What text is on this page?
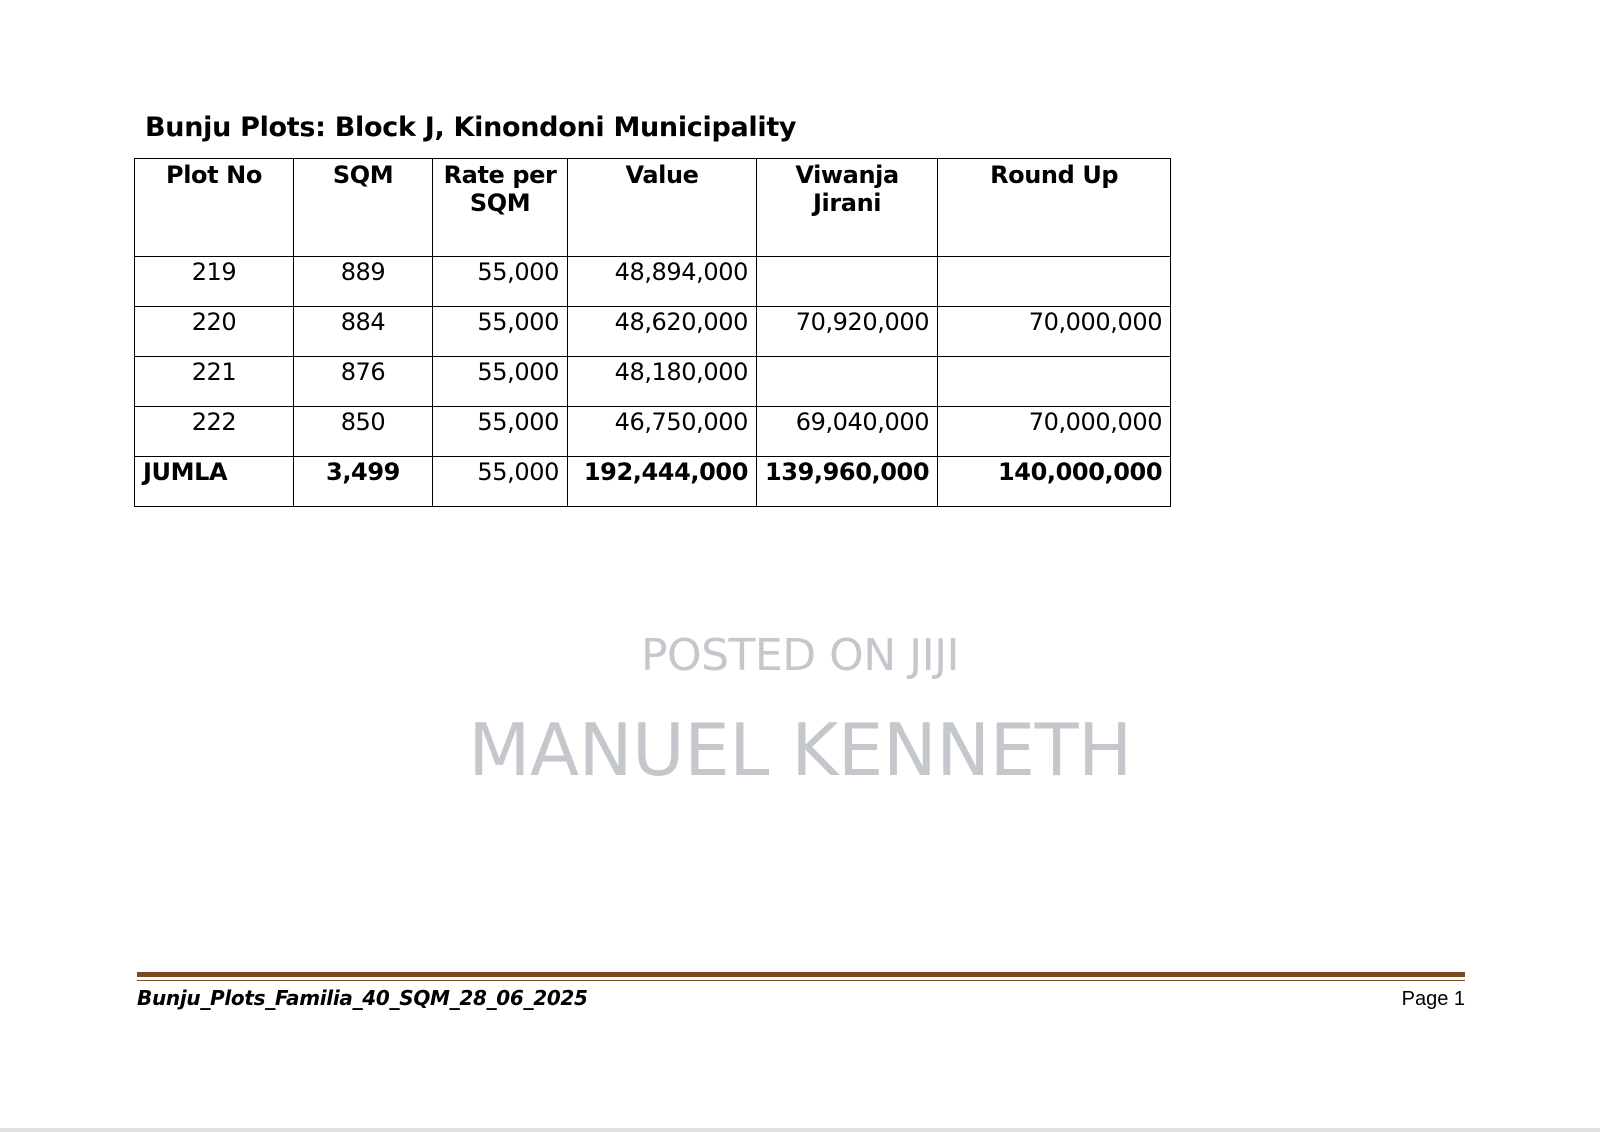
Bunju Plots: Block J, Kinondoni Municipality
Plot No	SQM	Rate per SQM	Value	Viwanja Jirani	Round Up
219	889	55,000	48,894,000		
220	884	55,000	48,620,000	70,920,000	70,000,000
221	876	55,000	48,180,000		
222	850	55,000	46,750,000	69,040,000	70,000,000
JUMLA	3,499	55,000	192,444,000	139,960,000	140,000,000
POSTED ON JIJI
MANUEL KENNETH
Bunju_Plots_Familia_40_SQM_28_06_2025	Page 1
